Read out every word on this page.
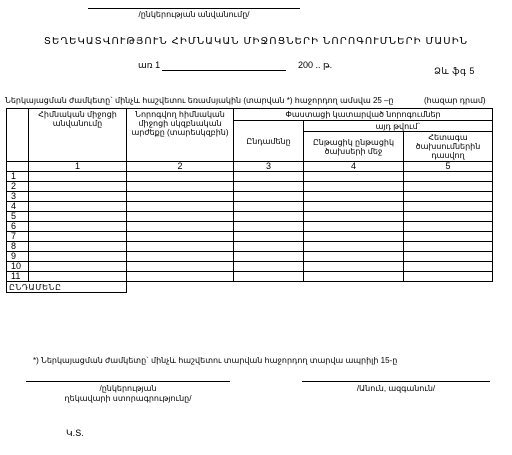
/ընկերության անվանումը/
ՏԵՂԵԿԱՏՎՈՒԹՅՈՒՆ ՀԻՄՆԱԿԱՆ ՄԻՋՈՑՆԵՐԻ ՆՈՐՈԳՈՒՄՆԵՐԻ ՄԱՍԻՆ
առ 1	200 .. թ.
Ձև ֆգ 5
Ներկայացման ժամկետը` մինչև հաշվետու եռամսյակին (տարվան *) հաջորդող ամսվա 25 –ը	(հազար դրամ)
	Հիմնական միջոցի անվանումը	Նորոգվող հիմնական միջոցի սկզբնական արժեքը (տարեսկզբին)	Փաստացի կատարված նորոգումներ		
			Ընդամենը	այդ թվում`	
				Ընթացիկ ընթացիկ ծախսերի մեջ	Հետագա ծախսումներին դասվող
	1	2	3	4	5
1					
2					
3					
4					
5					
6					
7					
8					
9					
10					
11					
ԸՆԴԱՄԵՆԸ					
*) Ներկայացման ժամկետը` մինչև հաշվետու տարվան հաջորդող տարվա ապրիլի 15-ը
/ընկերության
ղեկավարի ստորագրությունը/
/Անուն, ազգանուն/
Կ.Տ.
